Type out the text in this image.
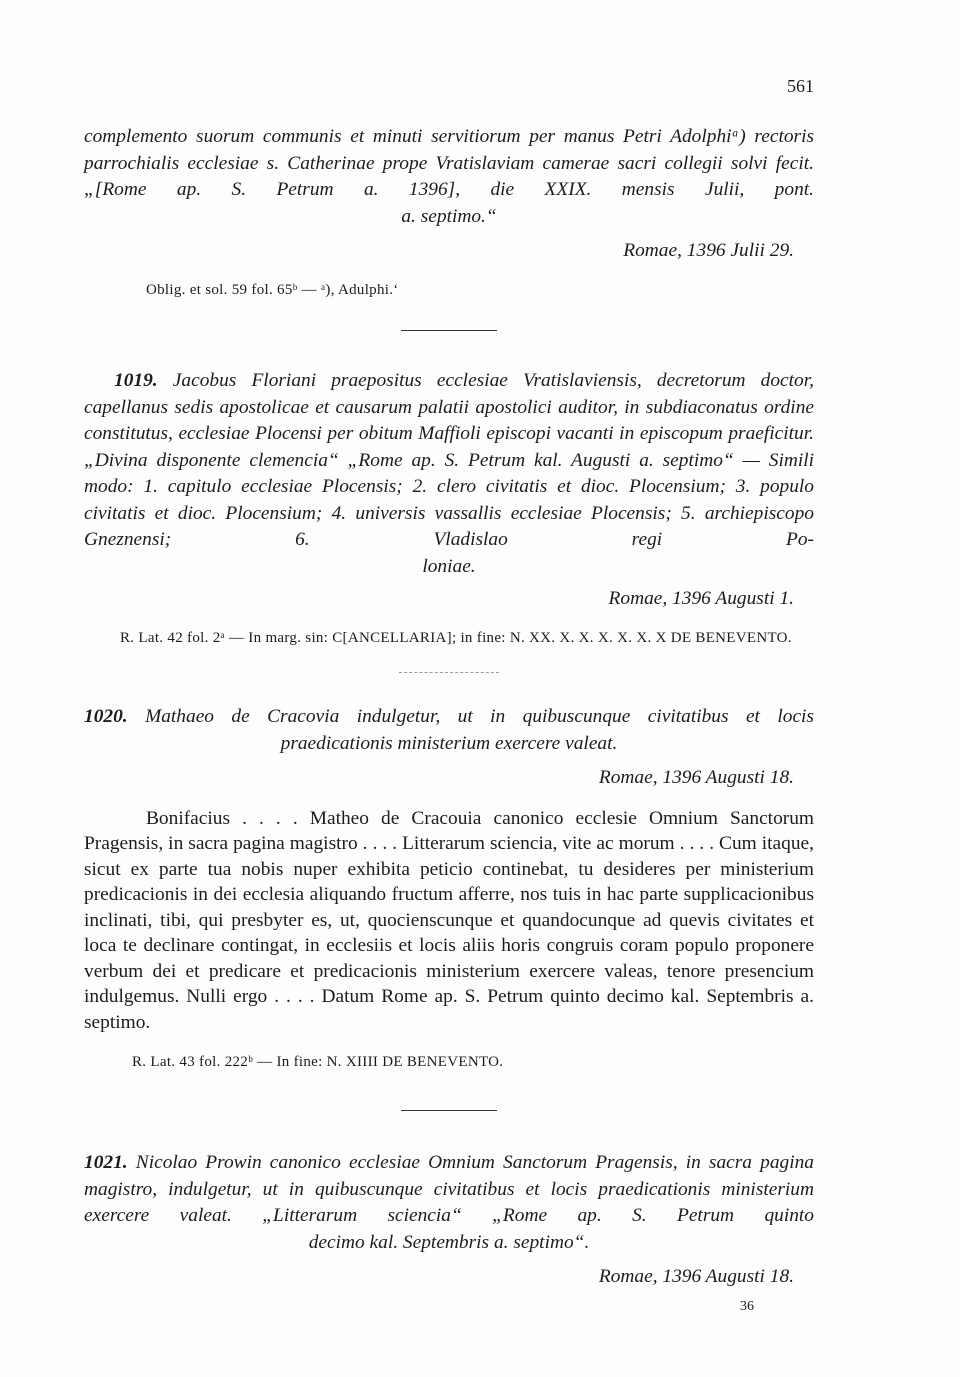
561

complemento suorum communis et minuti servitiorum per manus Petri Adolphiᵃ) rectoris parrochialis ecclesiae s. Catherinae prope Vratislaviam camerae sacri collegii solvi fecit. „[Rome ap. S. Petrum a. 1396], die XXIX. mensis Julii, pont.

a. septimo.“

Romae, 1396 Julii 29.

Oblig. et sol. 59 fol. 65ᵇ — ᵃ), Adulphi.‘

1019. Jacobus Floriani praepositus ecclesiae Vratislaviensis, decretorum doctor, capellanus sedis apostolicae et causarum palatii apostolici auditor, in subdiaconatus ordine constitutus, ecclesiae Plocensi per obitum Maffioli episcopi vacanti in episcopum praeficitur. „Divina disponente clemencia“ „Rome ap. S. Petrum kal. Augusti a. septimo“ — Simili modo: 1. capitulo ecclesiae Plocensis; 2. clero civitatis et dioc. Plocensium; 3. populo civitatis et dioc. Plocensium; 4. universis vassallis ecclesiae Plocensis; 5. archiepiscopo Gneznensi; 6. Vladislao regi Po-

loniae.

Romae, 1396 Augusti 1.

R. Lat. 42 fol. 2ᵃ — In marg. sin: C[ANCELLARIA]; in fine: N. XX. X. X. X. X. X. X DE BENEVENTO.

1020. Mathaeo de Cracovia indulgetur, ut in quibuscunque civitatibus et locis

praedicationis ministerium exercere valeat.

Romae, 1396 Augusti 18.

Bonifacius . . . . Matheo de Cracouia canonico ecclesie Omnium Sanctorum Pragensis, in sacra pagina magistro . . . . Litterarum sciencia, vite ac morum . . . . Cum itaque, sicut ex parte tua nobis nuper exhibita peticio continebat, tu desideres per ministerium predicacionis in dei ecclesia aliquando fructum afferre, nos tuis in hac parte supplicacionibus inclinati, tibi, qui presbyter es, ut, quocienscunque et quandocunque ad quevis civitates et loca te declinare contingat, in ecclesiis et locis aliis horis congruis coram populo proponere verbum dei et predicare et predicacionis ministerium exercere valeas, tenore presencium indulgemus. Nulli ergo . . . . Datum Rome ap. S. Petrum quinto decimo kal. Septembris a. septimo.

R. Lat. 43 fol. 222ᵇ — In fine: N. XIIII DE BENEVENTO.

1021. Nicolao Prowin canonico ecclesiae Omnium Sanctorum Pragensis, in sacra pagina magistro, indulgetur, ut in quibuscunque civitatibus et locis praedicationis ministerium exercere valeat. „Litterarum sciencia“ „Rome ap. S. Petrum quinto

decimo kal. Septembris a. septimo“.

Romae, 1396 Augusti 18.

36
